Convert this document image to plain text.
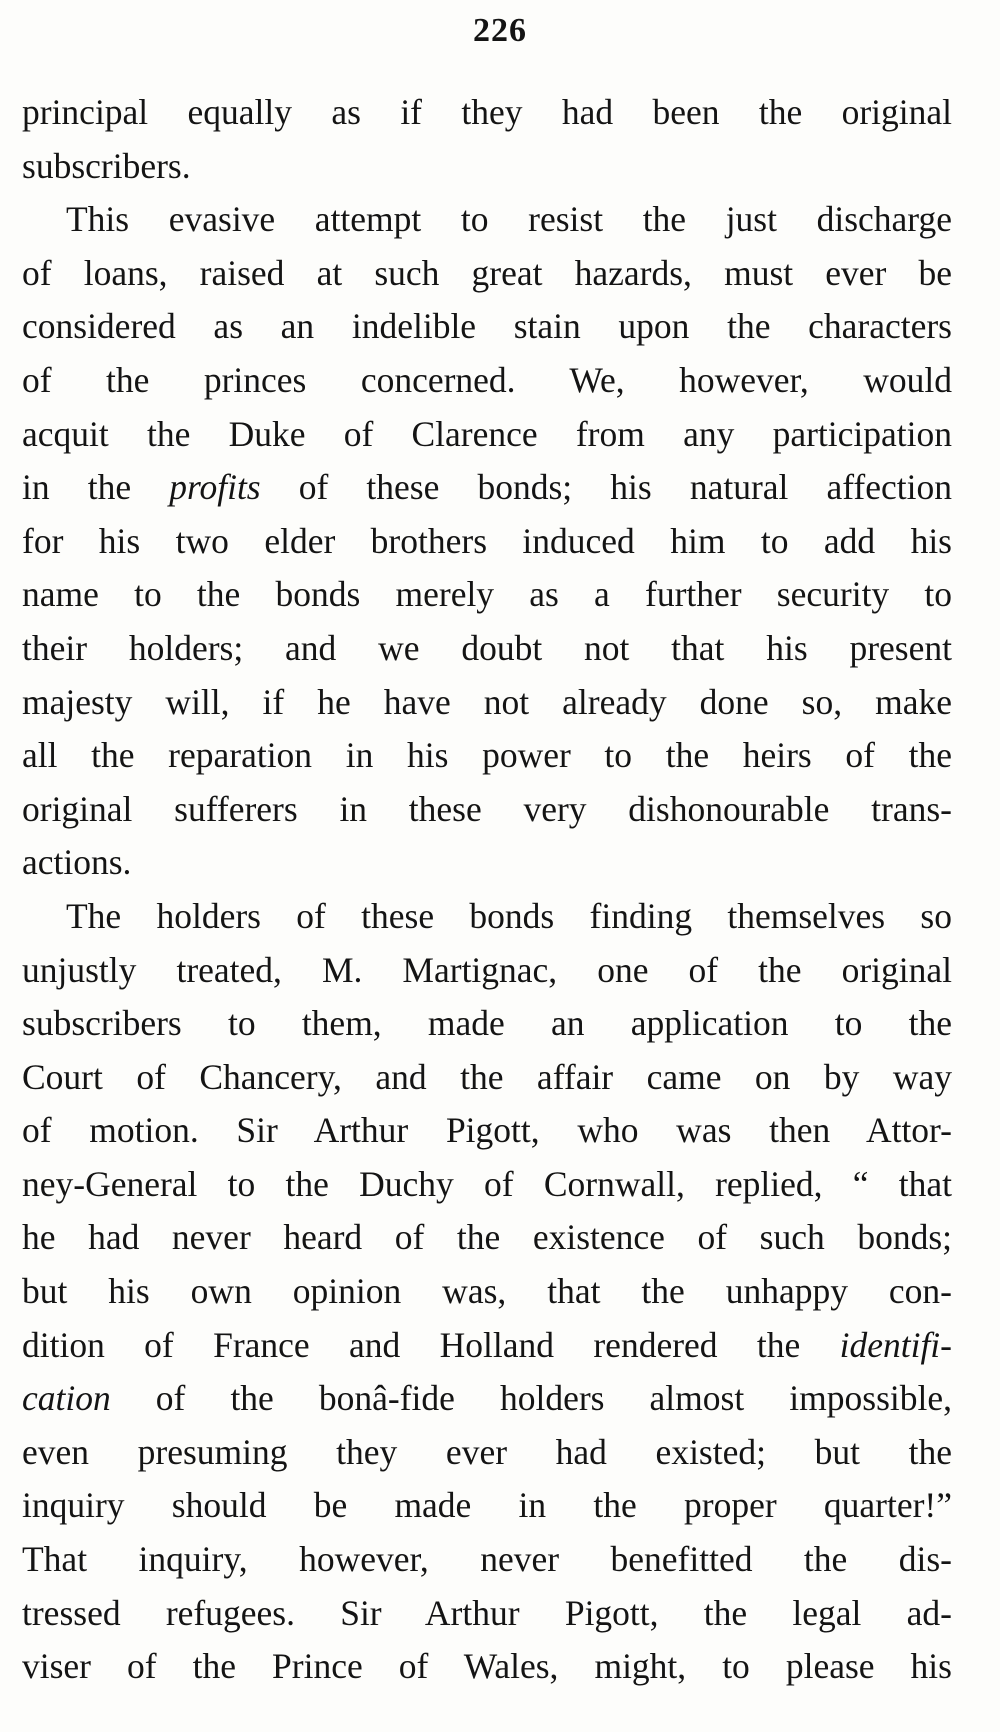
226
principal equally as if they had been the original
subscribers.
This evasive attempt to resist the just discharge
of loans, raised at such great hazards, must ever be
considered as an indelible stain upon the characters
of the princes concerned. We, however, would
acquit the Duke of Clarence from any participation
in the profits of these bonds; his natural affection
for his two elder brothers induced him to add his
name to the bonds merely as a further security to
their holders; and we doubt not that his present
majesty will, if he have not already done so, make
all the reparation in his power to the heirs of the
original sufferers in these very dishonourable trans-
actions.
The holders of these bonds finding themselves so
unjustly treated, M. Martignac, one of the original
subscribers to them, made an application to the
Court of Chancery, and the affair came on by way
of motion. Sir Arthur Pigott, who was then Attor-
ney-General to the Duchy of Cornwall, replied, “ that
he had never heard of the existence of such bonds;
but his own opinion was, that the unhappy con-
dition of France and Holland rendered the identifi-
cation of the bonâ-fide holders almost impossible,
even presuming they ever had existed; but the
inquiry should be made in the proper quarter!”
That inquiry, however, never benefitted the dis-
tressed refugees. Sir Arthur Pigott, the legal ad-
viser of the Prince of Wales, might, to please his
